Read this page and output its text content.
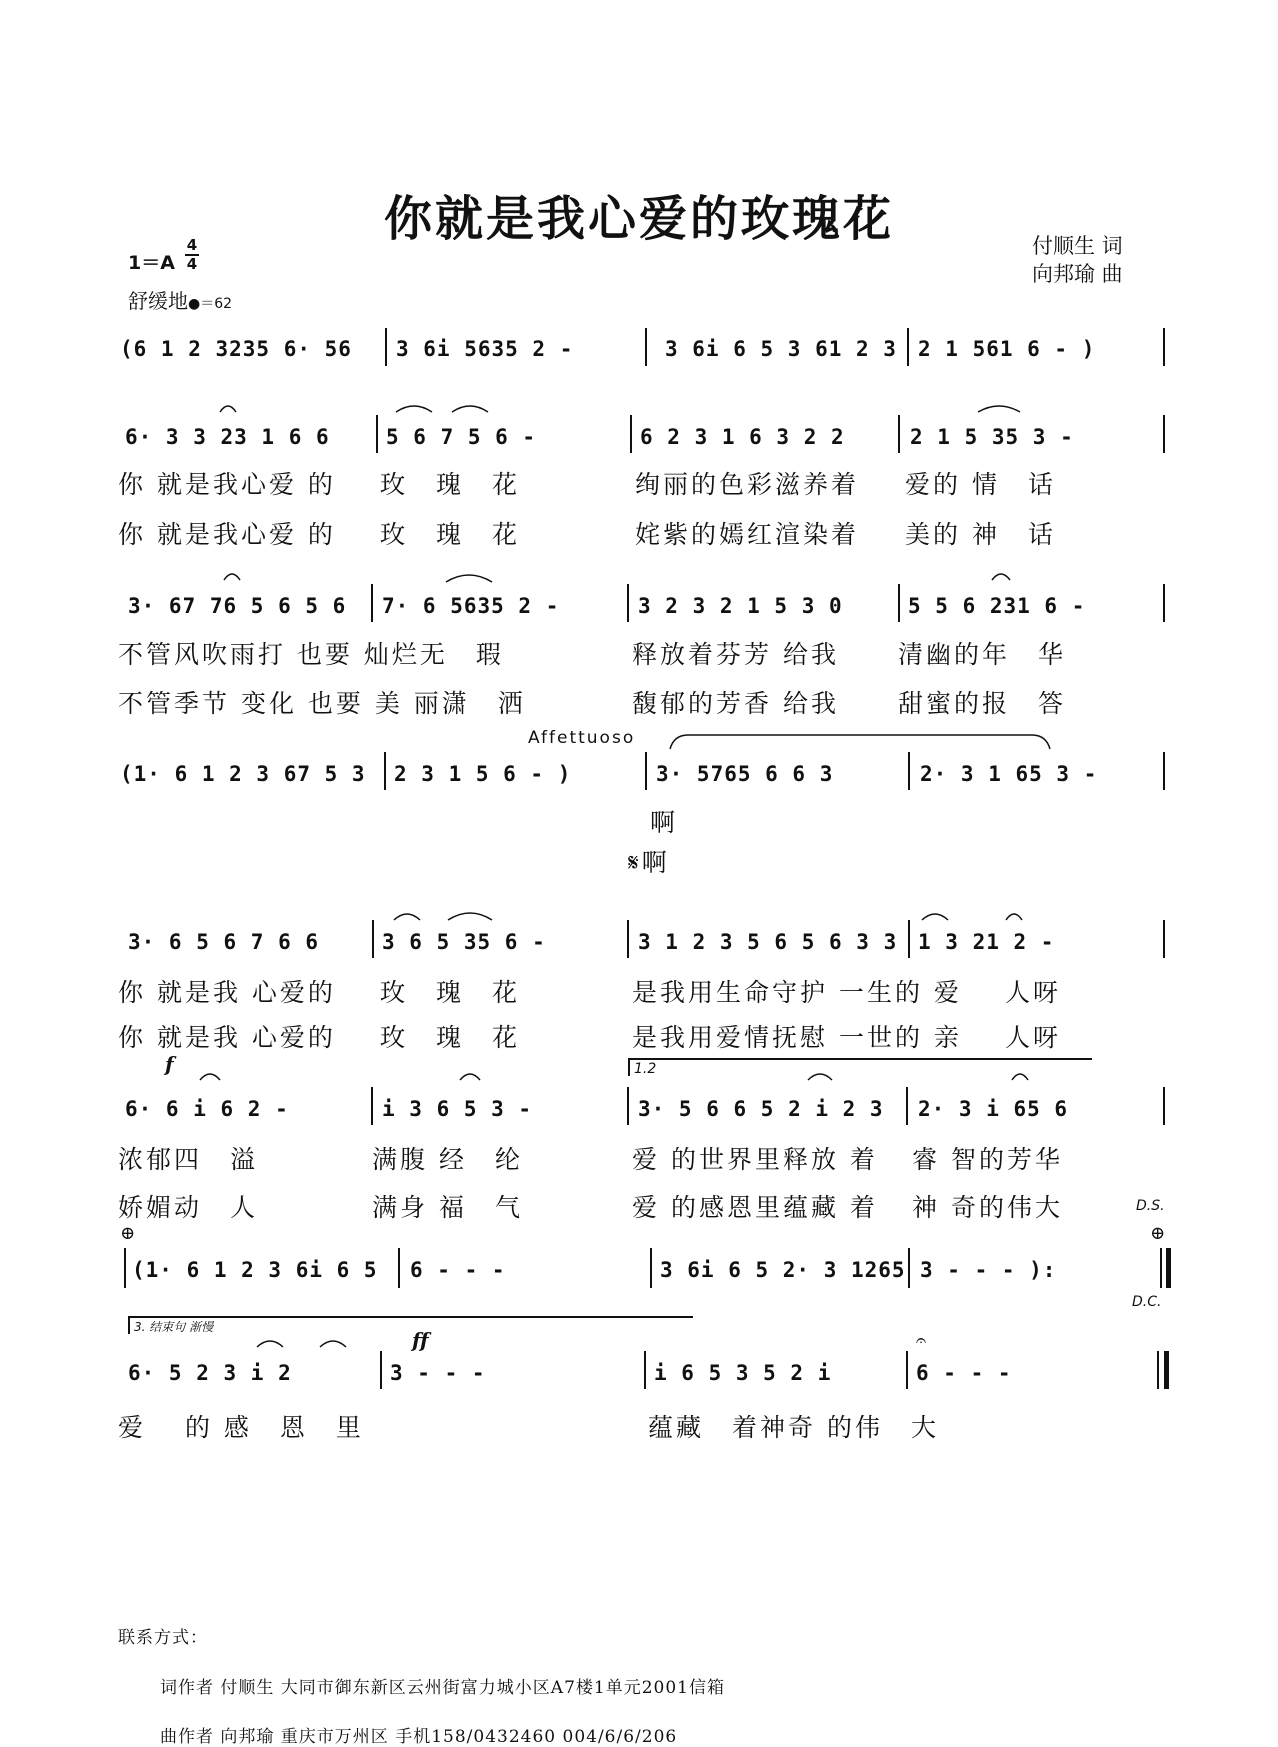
你就是我心爱的玫瑰花	付顺生 词
向邦瑜 曲
1＝A
4
4
舒缓地●＝62
(6 1 2 3235 6· 56 3 6i 5635 2 -	3 6i 6 5 3 61 2 3 2 1 561 6 - )
6· 3 3 23 1 6 6	5 6 7 5 6 -	6 2 3 1 6 3 2 2	2 1 5 35 3 -
你 就是我心爱 的 玫　瑰　花	绚丽的色彩滋养着 爱的 情　话
你 就是我心爱 的 玫　瑰　花	姹紫的嫣红渲染着 美的 神　话
3· 67 76 5 6 5 6 7· 6 5635 2 -	3 2 3 2 1 5 3 0	5 5 6 231 6 -
不管风吹雨打 也要 灿烂无　瑕	释放着芬芳 给我 清幽的年　华
不管季节 变化 也要 美 丽潇　洒	馥郁的芳香 给我 甜蜜的报　答
Affettuoso
(1· 6 1 2 3 67 5 3 2 3 1 5 6 - )	3· 5765 6 6 3	2· 3 1 65 3 -
啊
𝄋啊
3· 6 5 6 7 6 6	3 6 5 35 6 -	3 1 2 3 5 6 5 6 3 3 1 3 21 2 -
你 就是我 心爱的 玫　瑰　花	是我用生命守护 一生的 爱 人呀
你 就是我 心爱的 玫　瑰　花	是我用爱情抚慰 一世的 亲 人呀
f	1.2
6· 6 i 6 2 -	i 3 6 5 3 -	3· 5 6 6 5 2 i 2 3 2· 3 i 65 6
浓郁四　溢	满腹 经　纶	爱 的世界里释放 着 睿 智的芳华
娇媚动　人	满身 福　气	爱 的感恩里蕴藏 着 神 奇的伟大	D.S.
⊕	⊕
(1· 6 1 2 3 6i 6 5 6 - - -	3 6i 6 5 2· 3 1265 3 - - - ):
D.C.
3. 结束句 渐慢
ff	𝄐
6· 5 2 3 i 2	3 - - -	i 6 5 3 5 2 i	6 - - -
爱　 的 感　恩　里	蕴藏　着神奇 的伟　大
联系方式：
词作者 付顺生 大同市御东新区云州街富力城小区A7楼1单元2001信箱
曲作者 向邦瑜 重庆市万州区 手机158/0432460 004/6/6/206
